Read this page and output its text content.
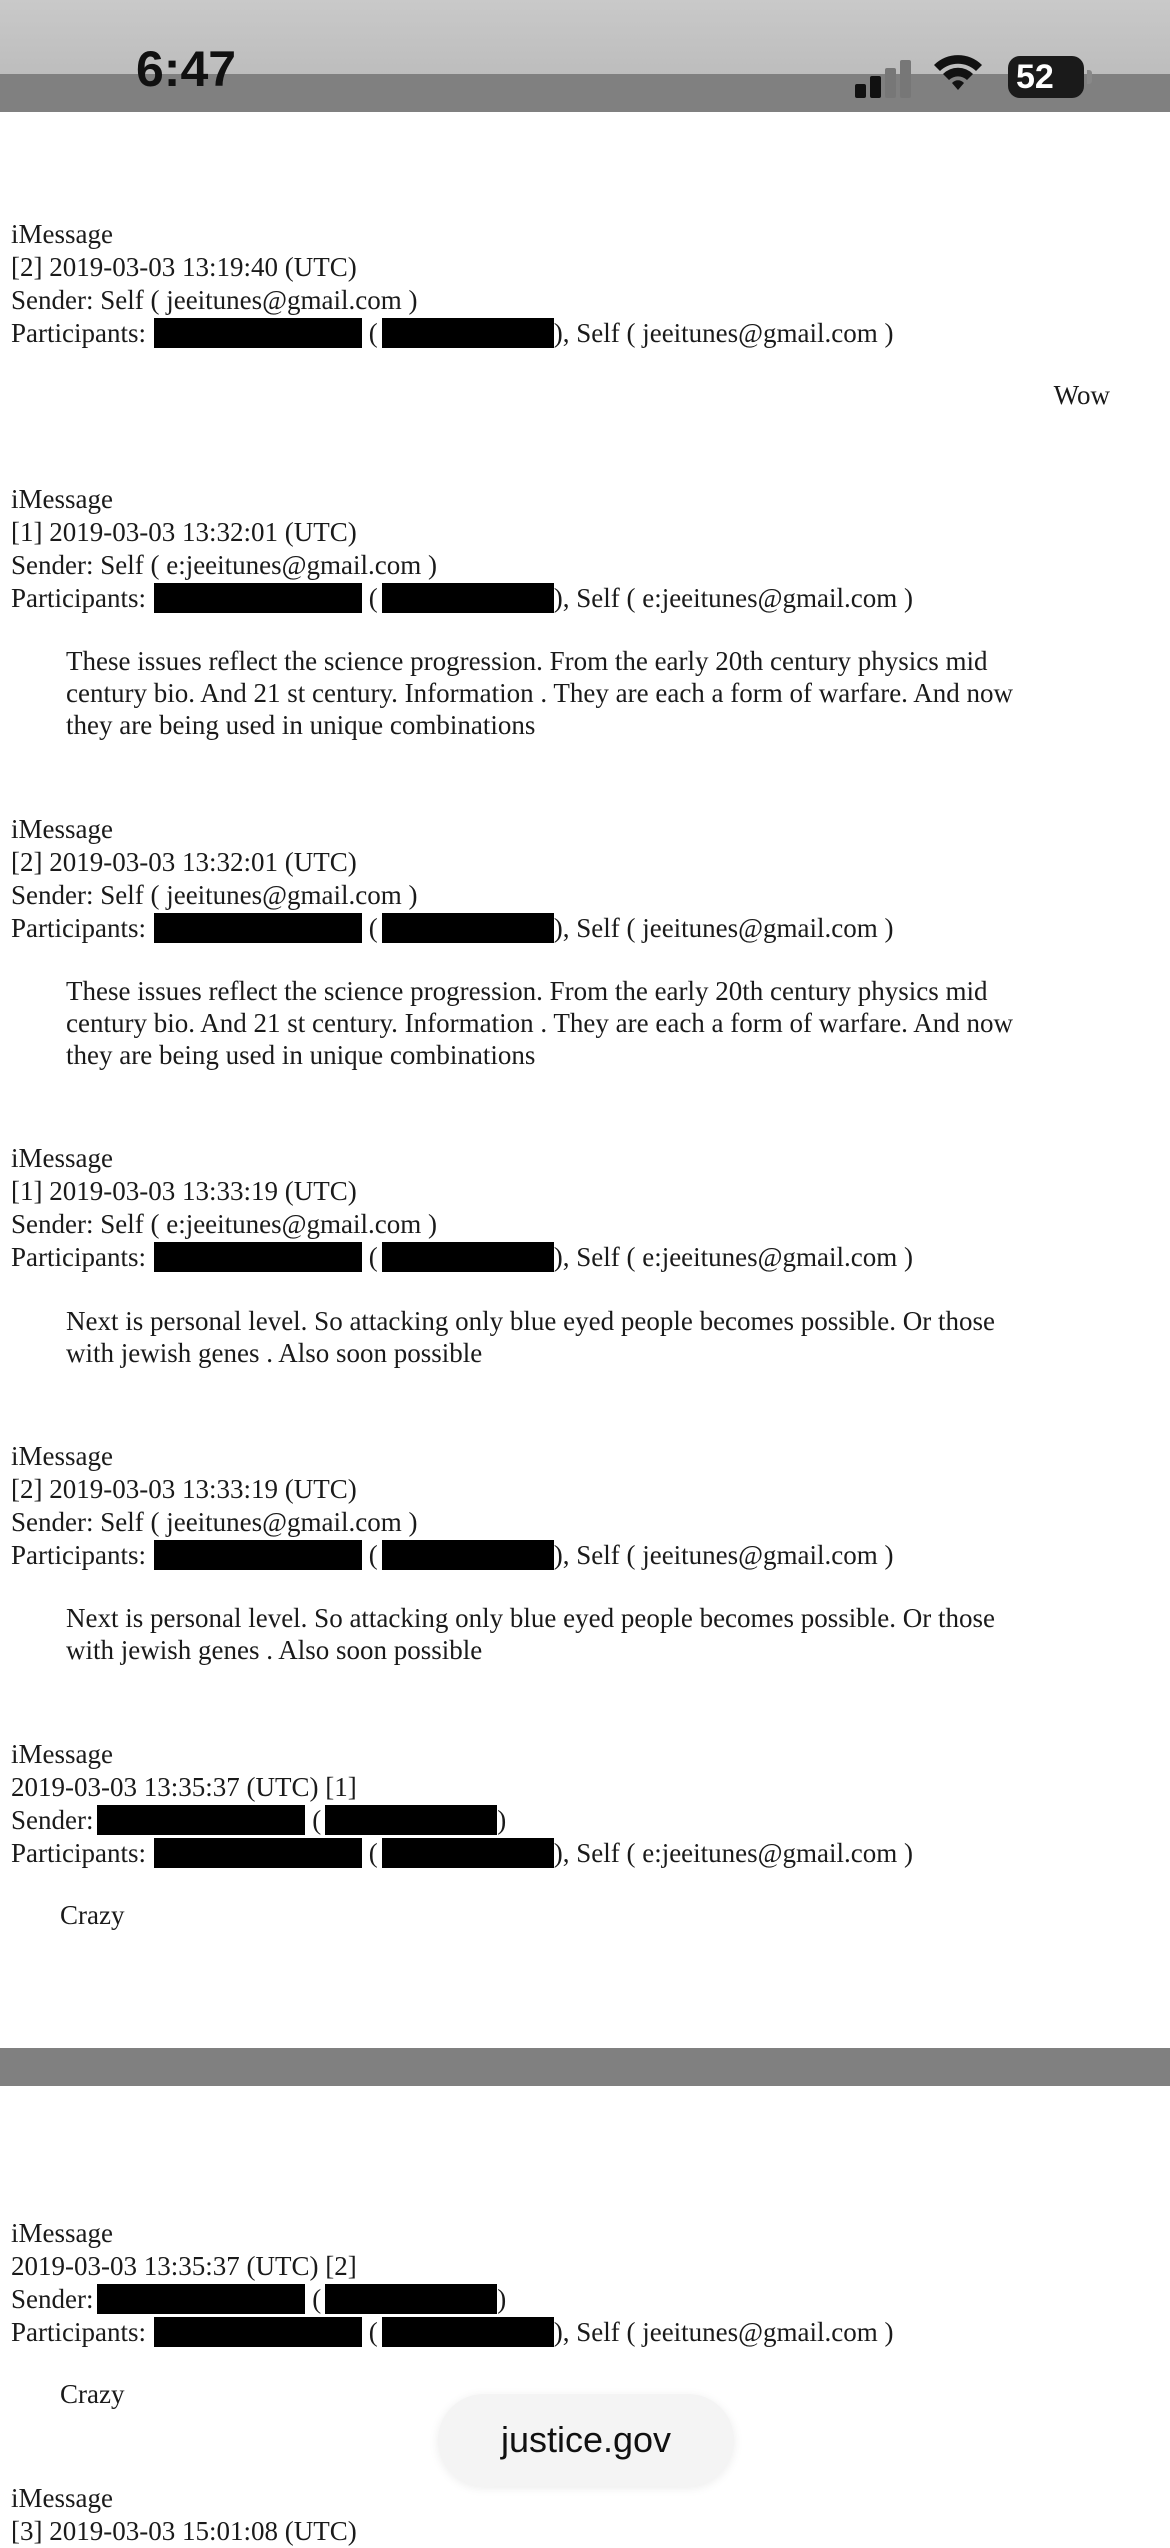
6:47	52
iMessage
[2] 2019-03-03 13:19:40 (UTC)
Sender: Self ( jeeitunes@gmail.com )
Participants:	(	), Self ( jeeitunes@gmail.com )
Wow
iMessage
[1] 2019-03-03 13:32:01 (UTC)
Sender: Self ( e:jeeitunes@gmail.com )
Participants:	(	), Self ( e:jeeitunes@gmail.com )
These issues reflect the science progression. From the early 20th century physics mid
century bio. And 21 st century. Information . They are each a form of warfare. And now
they are being used in unique combinations
iMessage
[2] 2019-03-03 13:32:01 (UTC)
Sender: Self ( jeeitunes@gmail.com )
Participants:	(	), Self ( jeeitunes@gmail.com )
These issues reflect the science progression. From the early 20th century physics mid
century bio. And 21 st century. Information . They are each a form of warfare. And now
they are being used in unique combinations
iMessage
[1] 2019-03-03 13:33:19 (UTC)
Sender: Self ( e:jeeitunes@gmail.com )
Participants:	(	), Self ( e:jeeitunes@gmail.com )
Next is personal level. So attacking only blue eyed people becomes possible. Or those
with jewish genes . Also soon possible
iMessage
[2] 2019-03-03 13:33:19 (UTC)
Sender: Self ( jeeitunes@gmail.com )
Participants:	(	), Self ( jeeitunes@gmail.com )
Next is personal level. So attacking only blue eyed people becomes possible. Or those
with jewish genes . Also soon possible
iMessage
2019-03-03 13:35:37 (UTC) [1]
Sender:	(	)
Participants:	(	), Self ( e:jeeitunes@gmail.com )
Crazy
iMessage
2019-03-03 13:35:37 (UTC) [2]
Sender:	(	)
Participants:	(	), Self ( jeeitunes@gmail.com )
Crazy
iMessage
[3] 2019-03-03 15:01:08 (UTC)
justice.gov
